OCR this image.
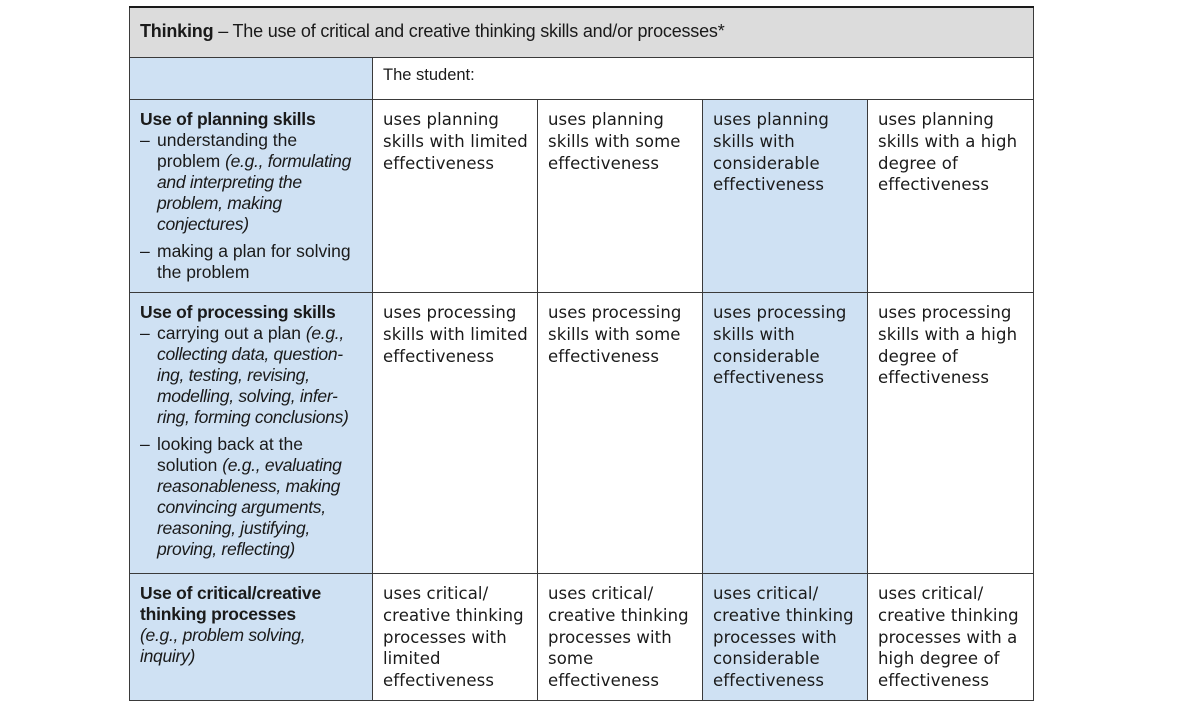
Thinking – The use of critical and creative thinking skills and/or processes*				

	The student:			

Use of planning skills
– understanding the problem (e.g., formulating and interpreting the problem, making conjectures)
– making a plan for solving the problem	uses planning skills with limited effectiveness	uses planning skills with some effectiveness	uses planning skills with considerable effectiveness	uses planning skills with a high degree of effectiveness

Use of processing skills
– carrying out a plan (e.g., collecting data, question-ing, testing, revising, modelling, solving, infer-ring, forming conclusions)
– looking back at the solution (e.g., evaluating reasonableness, making convincing arguments, reasoning, justifying, proving, reflecting)	uses processing skills with limited effectiveness	uses processing skills with some effectiveness	uses processing skills with considerable effectiveness	uses processing skills with a high degree of effectiveness

Use of critical/creative thinking processes
(e.g., problem solving, inquiry)	uses critical/ creative thinking processes with limited effectiveness	uses critical/ creative thinking processes with some effectiveness	uses critical/ creative thinking processes with considerable effectiveness	uses critical/ creative thinking processes with a high degree of effectiveness
